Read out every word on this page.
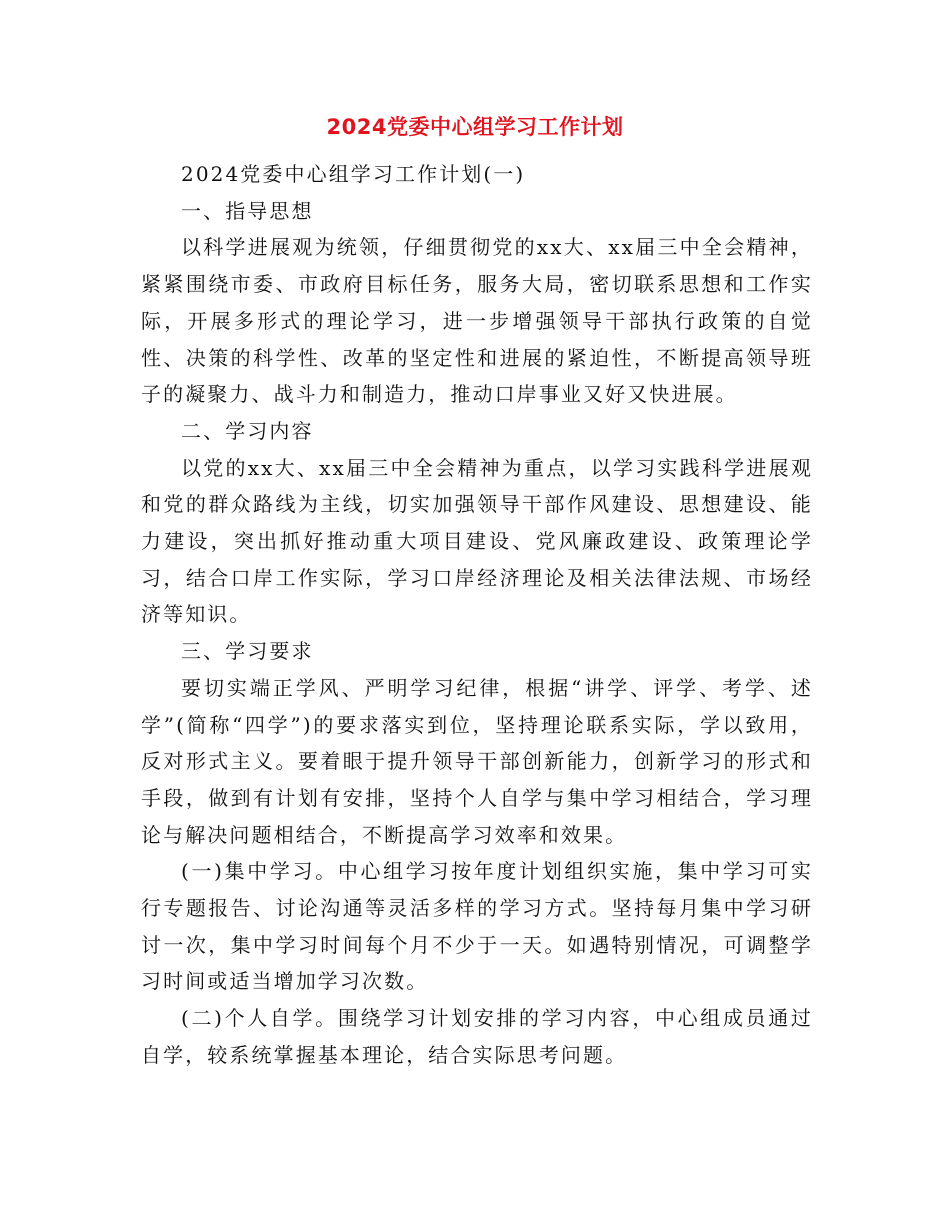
2024党委中心组学习工作计划

2024党委中心组学习工作计划(一)

一、指导思想

以科学进展观为统领，仔细贯彻党的xx大、xx届三中全会精神，紧紧围绕市委、市政府目标任务，服务大局，密切联系思想和工作实际，开展多形式的理论学习，进一步增强领导干部执行政策的自觉性、决策的科学性、改革的坚定性和进展的紧迫性，不断提高领导班子的凝聚力、战斗力和制造力，推动口岸事业又好又快进展。

二、学习内容

以党的xx大、xx届三中全会精神为重点，以学习实践科学进展观和党的群众路线为主线，切实加强领导干部作风建设、思想建设、能力建设，突出抓好推动重大项目建设、党风廉政建设、政策理论学习，结合口岸工作实际，学习口岸经济理论及相关法律法规、市场经济等知识。

三、学习要求

要切实端正学风、严明学习纪律，根据“讲学、评学、考学、述学”(简称“四学”)的要求落实到位，坚持理论联系实际，学以致用，反对形式主义。要着眼于提升领导干部创新能力，创新学习的形式和手段，做到有计划有安排，坚持个人自学与集中学习相结合，学习理论与解决问题相结合，不断提高学习效率和效果。

(一)集中学习。中心组学习按年度计划组织实施，集中学习可实行专题报告、讨论沟通等灵活多样的学习方式。坚持每月集中学习研讨一次，集中学习时间每个月不少于一天。如遇特别情况，可调整学习时间或适当增加学习次数。

(二)个人自学。围绕学习计划安排的学习内容，中心组成员通过自学，较系统掌握基本理论，结合实际思考问题。
